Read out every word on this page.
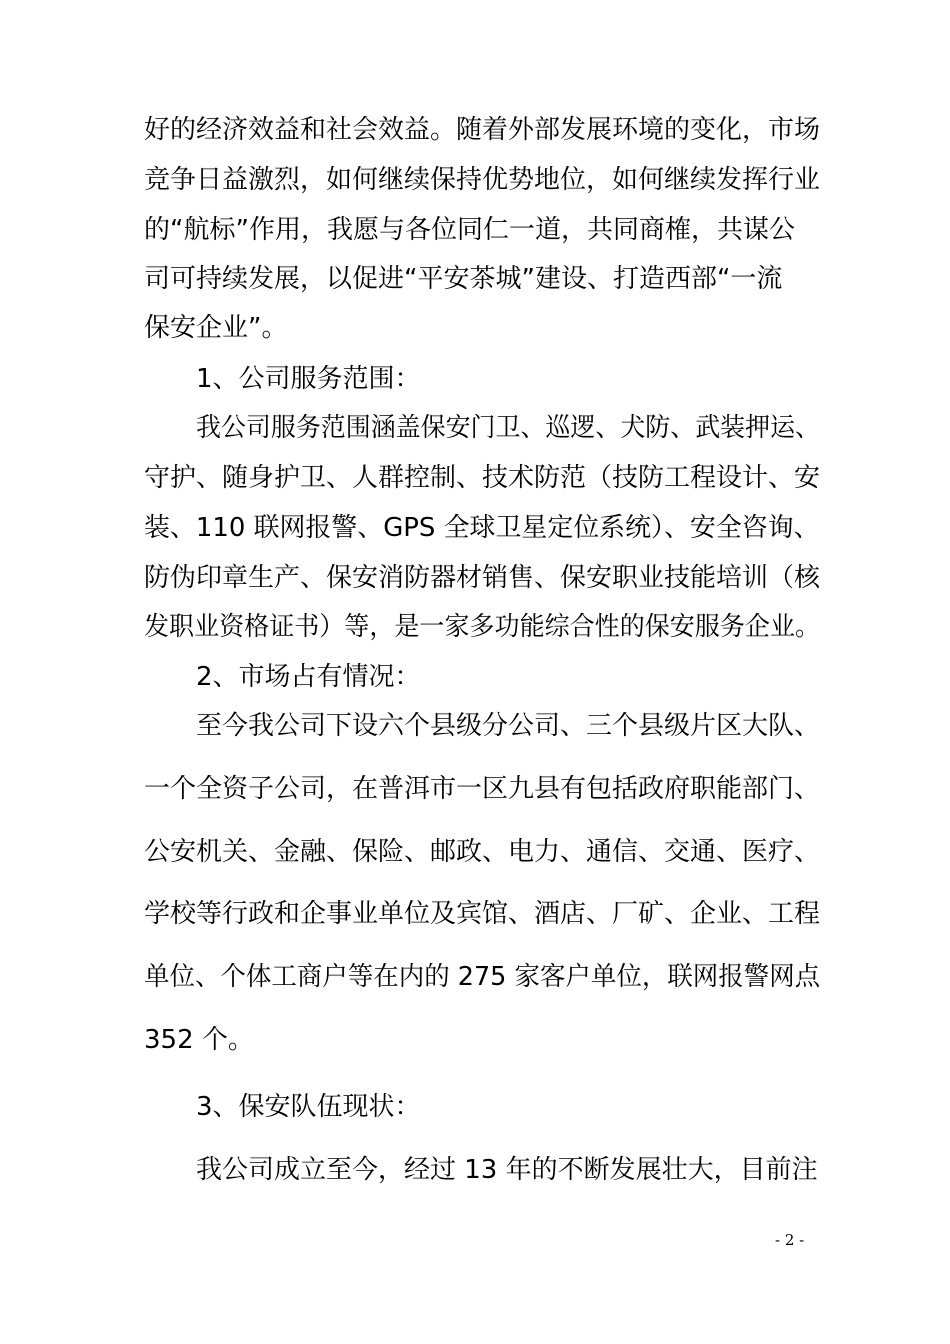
好的经济效益和社会效益。随着外部发展环境的变化，市场
竞争日益激烈，如何继续保持优势地位，如何继续发挥行业
的“航标”作用，我愿与各位同仁一道，共同商榷，共谋公
司可持续发展，以促进“平安茶城”建设、打造西部“一流
保安企业”。
1、公司服务范围：
我公司服务范围涵盖保安门卫、巡逻、犬防、武装押运、
守护、随身护卫、人群控制、技术防范（技防工程设计、安
装、110 联网报警、GPS 全球卫星定位系统）、安全咨询、
防伪印章生产、保安消防器材销售、保安职业技能培训（核
发职业资格证书）等，是一家多功能综合性的保安服务企业。
2、市场占有情况：
至今我公司下设六个县级分公司、三个县级片区大队、
一个全资子公司，在普洱市一区九县有包括政府职能部门、
公安机关、金融、保险、邮政、电力、通信、交通、医疗、
学校等行政和企事业单位及宾馆、酒店、厂矿、企业、工程
单位、个体工商户等在内的 275 家客户单位，联网报警网点
352 个。
3、保安队伍现状：
我公司成立至今，经过 13 年的不断发展壮大，目前注
- 2 -
